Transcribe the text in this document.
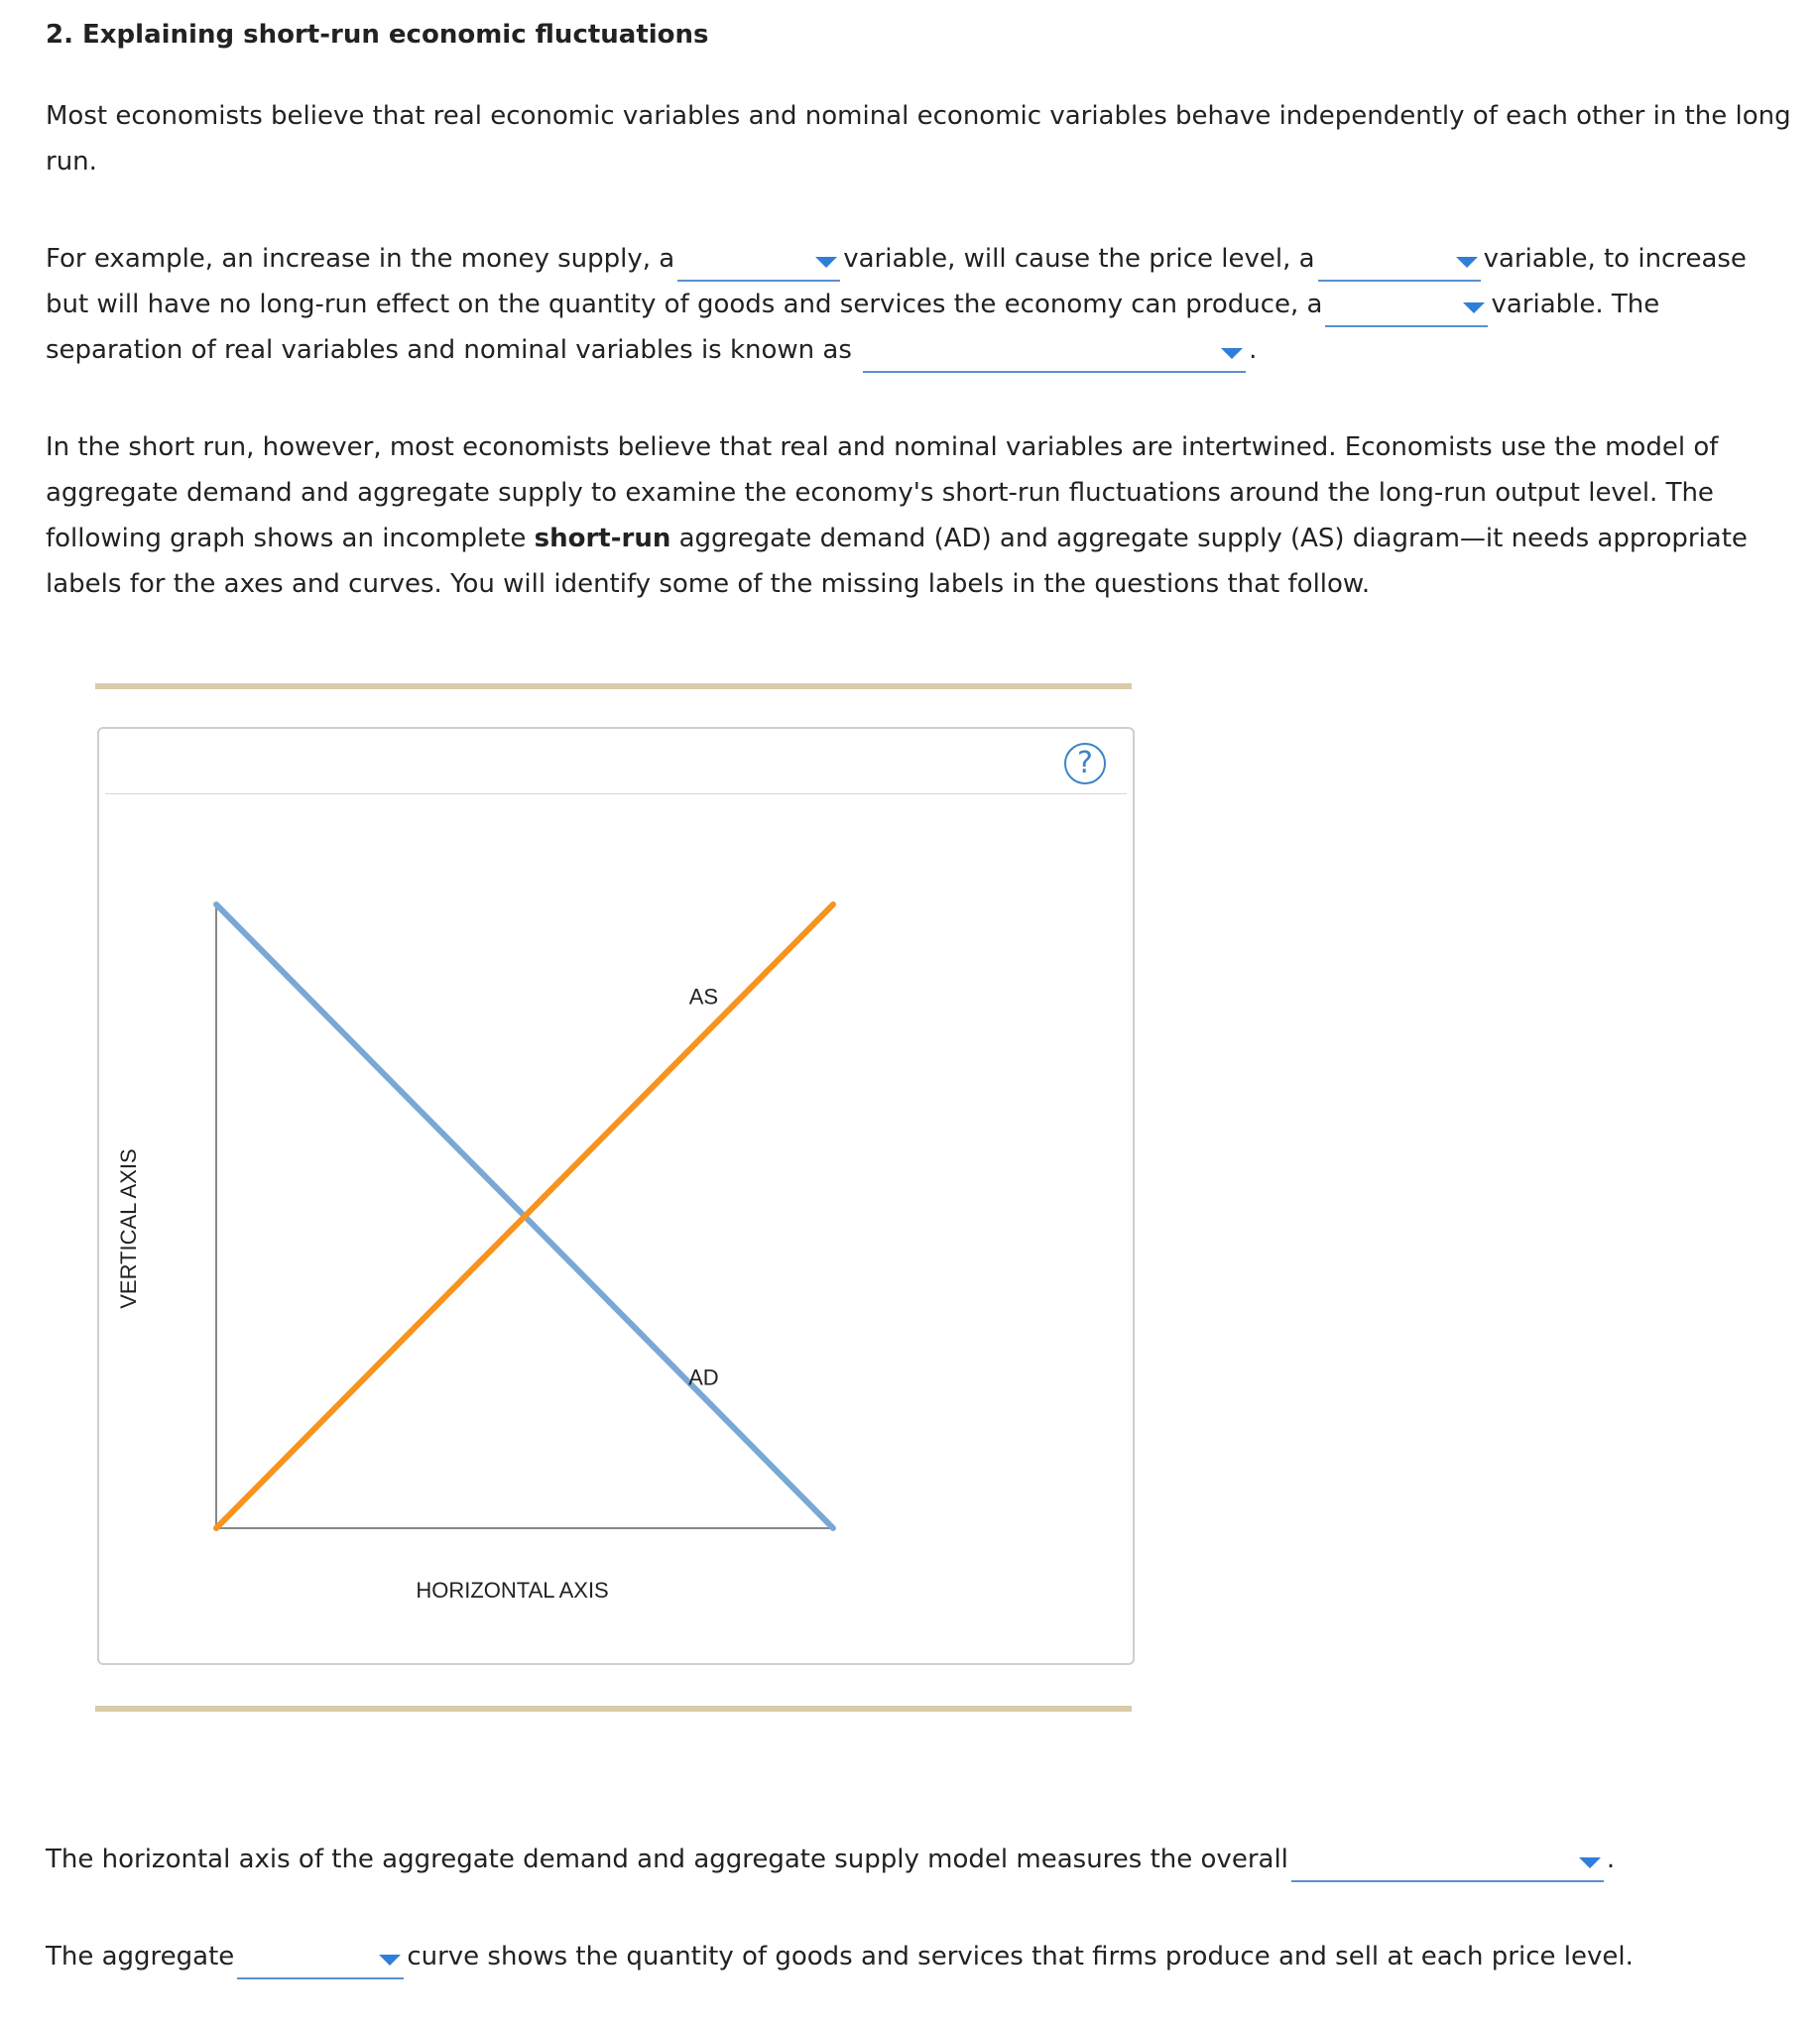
2. Explaining short-run economic fluctuations

Most economists believe that real economic variables and nominal economic variables behave independently of each other in the long run.

For example, an increase in the money supply, a	variable, will cause the price level, a	variable, to increase but will have no long-run effect on the quantity of goods and services the economy can produce, a	variable. The separation of real variables and nominal variables is known as	.

In the short run, however, most economists believe that real and nominal variables are intertwined. Economists use the model of aggregate demand and aggregate supply to examine the economy's short-run fluctuations around the long-run output level. The following graph shows an incomplete short-run aggregate demand (AD) and aggregate supply (AS) diagram—it needs appropriate labels for the axes and curves. You will identify some of the missing labels in the questions that follow.

?
AS
AD
HORIZONTAL AXIS
VERTICAL AXIS

The horizontal axis of the aggregate demand and aggregate supply model measures the overall	.

The aggregate	curve shows the quantity of goods and services that firms produce and sell at each price level.
